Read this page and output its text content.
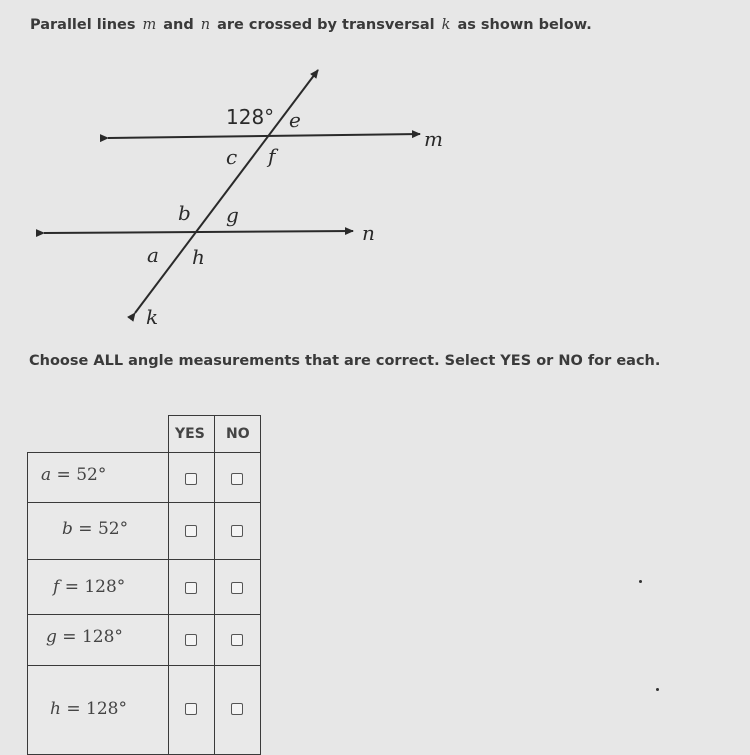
Parallel lines m and n are crossed by transversal k as shown below.
128° e
c f
m
b g
n
a h
k
Choose ALL angle measurements that are correct. Select YES or NO for each.
YES NO
a = 52°
b = 52°
f = 128°
g = 128°
h = 128°
